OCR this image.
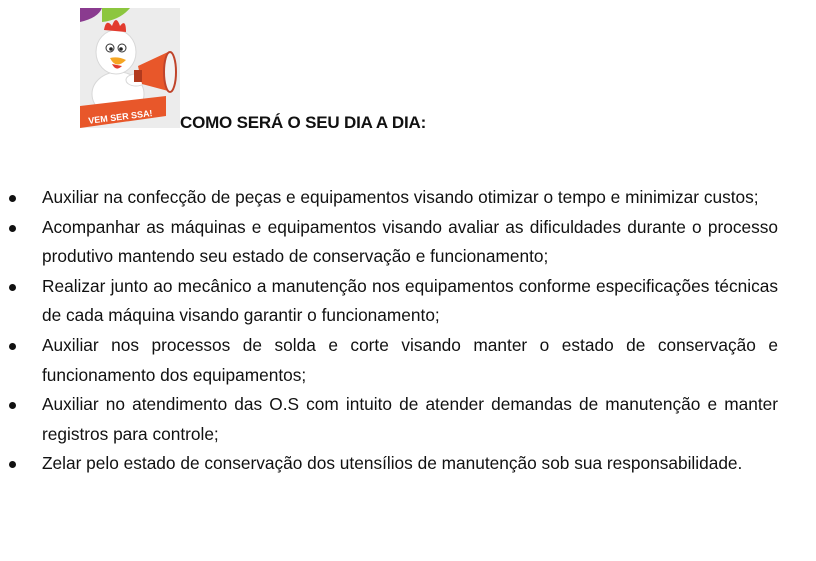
VEM SER SSA! COMO SERÁ O SEU DIA A DIA:
Auxiliar na confecção de peças e equipamentos visando otimizar o tempo e minimizar custos;
Acompanhar as máquinas e equipamentos visando avaliar as dificuldades durante o processo produtivo mantendo seu estado de conservação e funcionamento;
Realizar junto ao mecânico a manutenção nos equipamentos conforme especificações técnicas de cada máquina visando garantir o funcionamento;
Auxiliar nos processos de solda e corte visando manter o estado de conservação e funcionamento dos equipamentos;
Auxiliar no atendimento das O.S com intuito de atender demandas de manutenção e manter registros para controle;
Zelar pelo estado de conservação dos utensílios de manutenção sob sua responsabilidade.
